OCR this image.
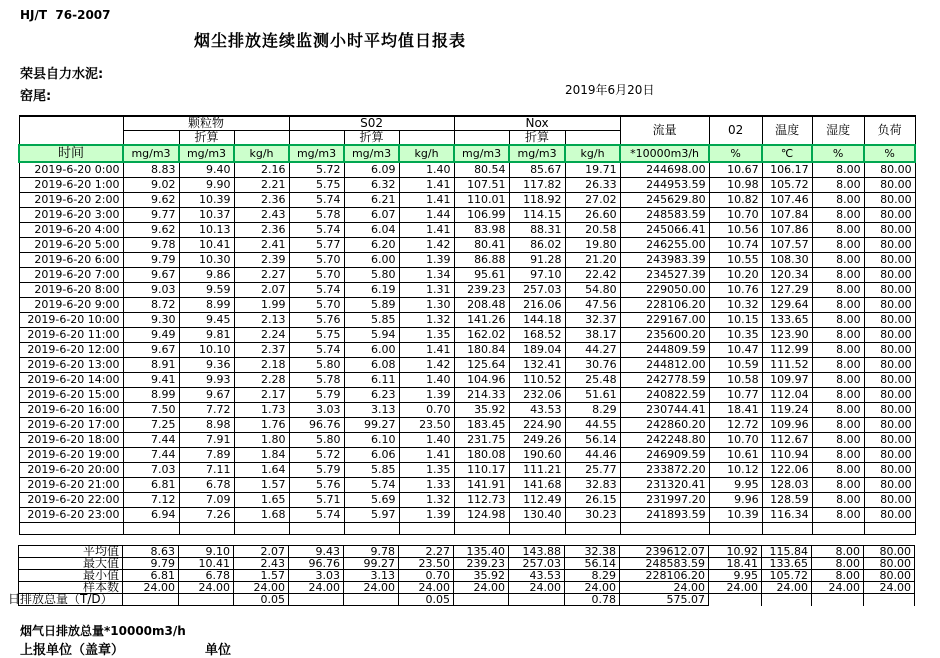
HJ/T  76-2007
烟尘排放连续监测小时平均值日报表
荣县自力水泥:
窑尾:	2019年6月20日
	颗粒物			S02			Nox			流量	02	温度	湿度	负荷
		折算			折算			折算						
时间	mg/m3	mg/m3	kg/h	mg/m3	mg/m3	kg/h	mg/m3	mg/m3	kg/h	*10000m3/h	%	℃	%	%
2019-6-20 0:00	8.83	9.40	2.16	5.72	6.09	1.40	80.54	85.67	19.71	244698.00	10.67	106.17	8.00	80.00
2019-6-20 1:00	9.02	9.90	2.21	5.75	6.32	1.41	107.51	117.82	26.33	244953.59	10.98	105.72	8.00	80.00
2019-6-20 2:00	9.62	10.39	2.36	5.74	6.21	1.41	110.01	118.92	27.02	245629.80	10.82	107.46	8.00	80.00
2019-6-20 3:00	9.77	10.37	2.43	5.78	6.07	1.44	106.99	114.15	26.60	248583.59	10.70	107.84	8.00	80.00
2019-6-20 4:00	9.62	10.13	2.36	5.74	6.04	1.41	83.98	88.31	20.58	245066.41	10.56	107.86	8.00	80.00
2019-6-20 5:00	9.78	10.41	2.41	5.77	6.20	1.42	80.41	86.02	19.80	246255.00	10.74	107.57	8.00	80.00
2019-6-20 6:00	9.79	10.30	2.39	5.70	6.00	1.39	86.88	91.28	21.20	243983.39	10.55	108.30	8.00	80.00
2019-6-20 7:00	9.67	9.86	2.27	5.70	5.80	1.34	95.61	97.10	22.42	234527.39	10.20	120.34	8.00	80.00
2019-6-20 8:00	9.03	9.59	2.07	5.74	6.19	1.31	239.23	257.03	54.80	229050.00	10.76	127.29	8.00	80.00
2019-6-20 9:00	8.72	8.99	1.99	5.70	5.89	1.30	208.48	216.06	47.56	228106.20	10.32	129.64	8.00	80.00
2019-6-20 10:00	9.30	9.45	2.13	5.76	5.85	1.32	141.26	144.18	32.37	229167.00	10.15	133.65	8.00	80.00
2019-6-20 11:00	9.49	9.81	2.24	5.75	5.94	1.35	162.02	168.52	38.17	235600.20	10.35	123.90	8.00	80.00
2019-6-20 12:00	9.67	10.10	2.37	5.74	6.00	1.41	180.84	189.04	44.27	244809.59	10.47	112.99	8.00	80.00
2019-6-20 13:00	8.91	9.36	2.18	5.80	6.08	1.42	125.64	132.41	30.76	244812.00	10.59	111.52	8.00	80.00
2019-6-20 14:00	9.41	9.93	2.28	5.78	6.11	1.40	104.96	110.52	25.48	242778.59	10.58	109.97	8.00	80.00
2019-6-20 15:00	8.99	9.67	2.17	5.79	6.23	1.39	214.33	232.06	51.61	240822.59	10.77	112.04	8.00	80.00
2019-6-20 16:00	7.50	7.72	1.73	3.03	3.13	0.70	35.92	43.53	8.29	230744.41	18.41	119.24	8.00	80.00
2019-6-20 17:00	7.25	8.98	1.76	96.76	99.27	23.50	183.45	224.90	44.55	242860.20	12.72	109.96	8.00	80.00
2019-6-20 18:00	7.44	7.91	1.80	5.80	6.10	1.40	231.75	249.26	56.14	242248.80	10.70	112.67	8.00	80.00
2019-6-20 19:00	7.44	7.89	1.84	5.72	6.06	1.41	180.08	190.60	44.46	246909.59	10.61	110.94	8.00	80.00
2019-6-20 20:00	7.03	7.11	1.64	5.79	5.85	1.35	110.17	111.21	25.77	233872.20	10.12	122.06	8.00	80.00
2019-6-20 21:00	6.81	6.78	1.57	5.76	5.74	1.33	141.91	141.68	32.83	231320.41	9.95	128.03	8.00	80.00
2019-6-20 22:00	7.12	7.09	1.65	5.71	5.69	1.32	112.73	112.49	26.15	231997.20	9.96	128.59	8.00	80.00
2019-6-20 23:00	6.94	7.26	1.68	5.74	5.97	1.39	124.98	130.40	30.23	241893.59	10.39	116.34	8.00	80.00

平均值	8.63	9.10	2.07	9.43	9.78	2.27	135.40	143.88	32.38	239612.07	10.92	115.84	8.00	80.00
最大值	9.79	10.41	2.43	96.76	99.27	23.50	239.23	257.03	56.14	248583.59	18.41	133.65	8.00	80.00
最小值	6.81	6.78	1.57	3.03	3.13	0.70	35.92	43.53	8.29	228106.20	9.95	105.72	8.00	80.00
样本数	24.00	24.00	24.00	24.00	24.00	24.00	24.00	24.00	24.00	24.00	24.00	24.00	24.00	24.00
日排放总量（T/D）			0.05			0.05			0.78	575.07				
烟气日排放总量*10000m3/h
上报单位（盖章）	单位
